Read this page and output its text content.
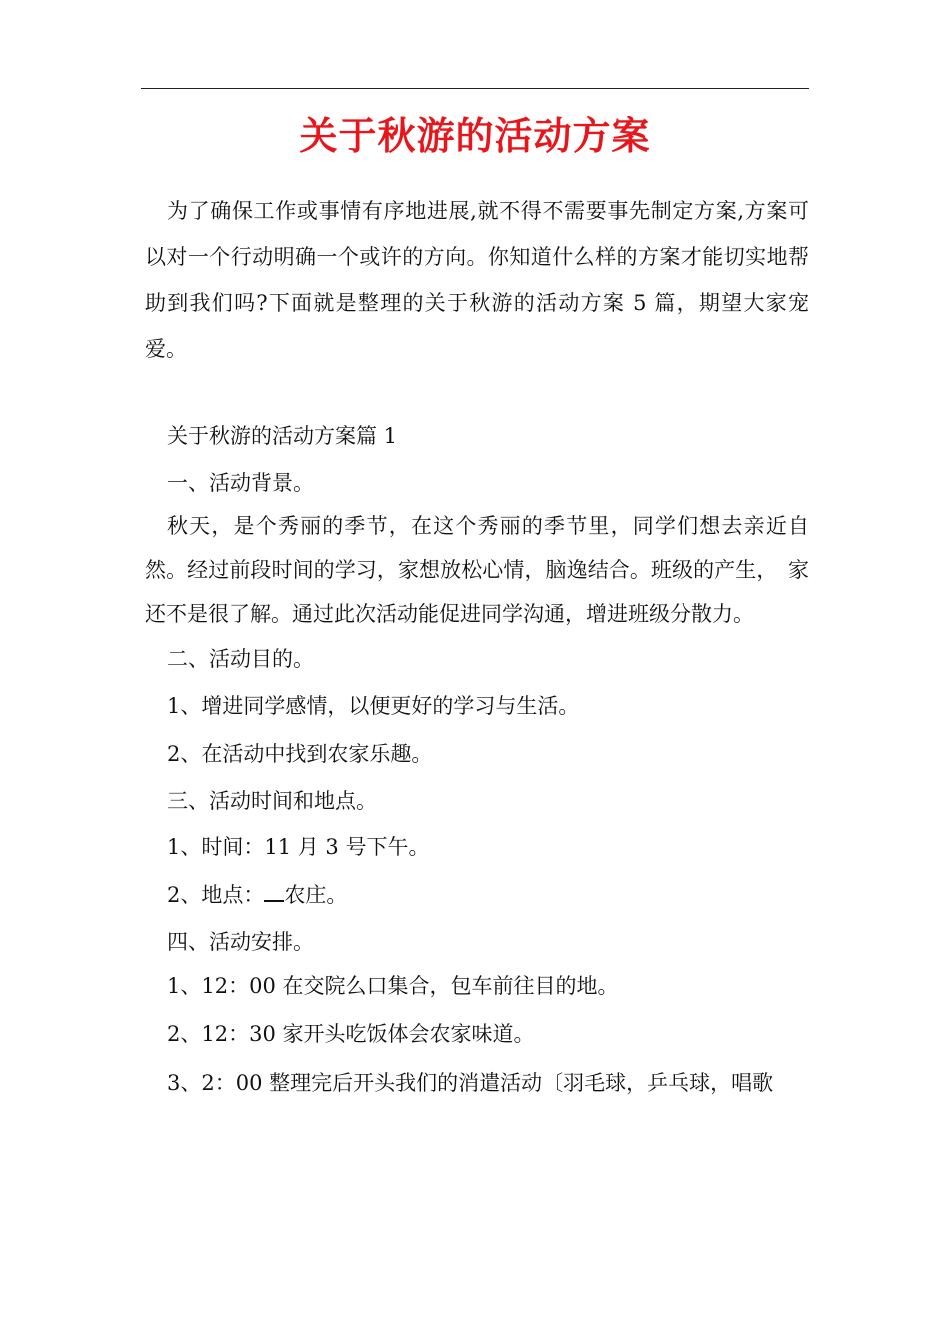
关于秋游的活动方案
为了确保工作或事情有序地进展,就不得不需要事先制定方案,方案可以对一个行动明确一个或许的方向。你知道什么样的方案才能切实地帮助到我们吗?下面就是整理的关于秋游的活动方案 5 篇，期望大家宠爱。
关于秋游的活动方案篇 1
一、活动背景。
秋天，是个秀丽的季节，在这个秀丽的季节里，同学们想去亲近自然。经过前段时间的学习，家想放松心情，脑逸结合。班级的产生，　家还不是很了解。通过此次活动能促进同学沟通，增进班级分散力。
二、活动目的。
1、增进同学感情，以便更好的学习与生活。
2、在活动中找到农家乐趣。
三、活动时间和地点。
1、时间：11 月 3 号下午。
2、地点： 农庄。
四、活动安排。
1、12：00 在交院么口集合，包车前往目的地。
2、12：30 家开头吃饭体会农家味道。
3、2：00 整理完后开头我们的消遣活动〔羽毛球，乒乓球，唱歌
